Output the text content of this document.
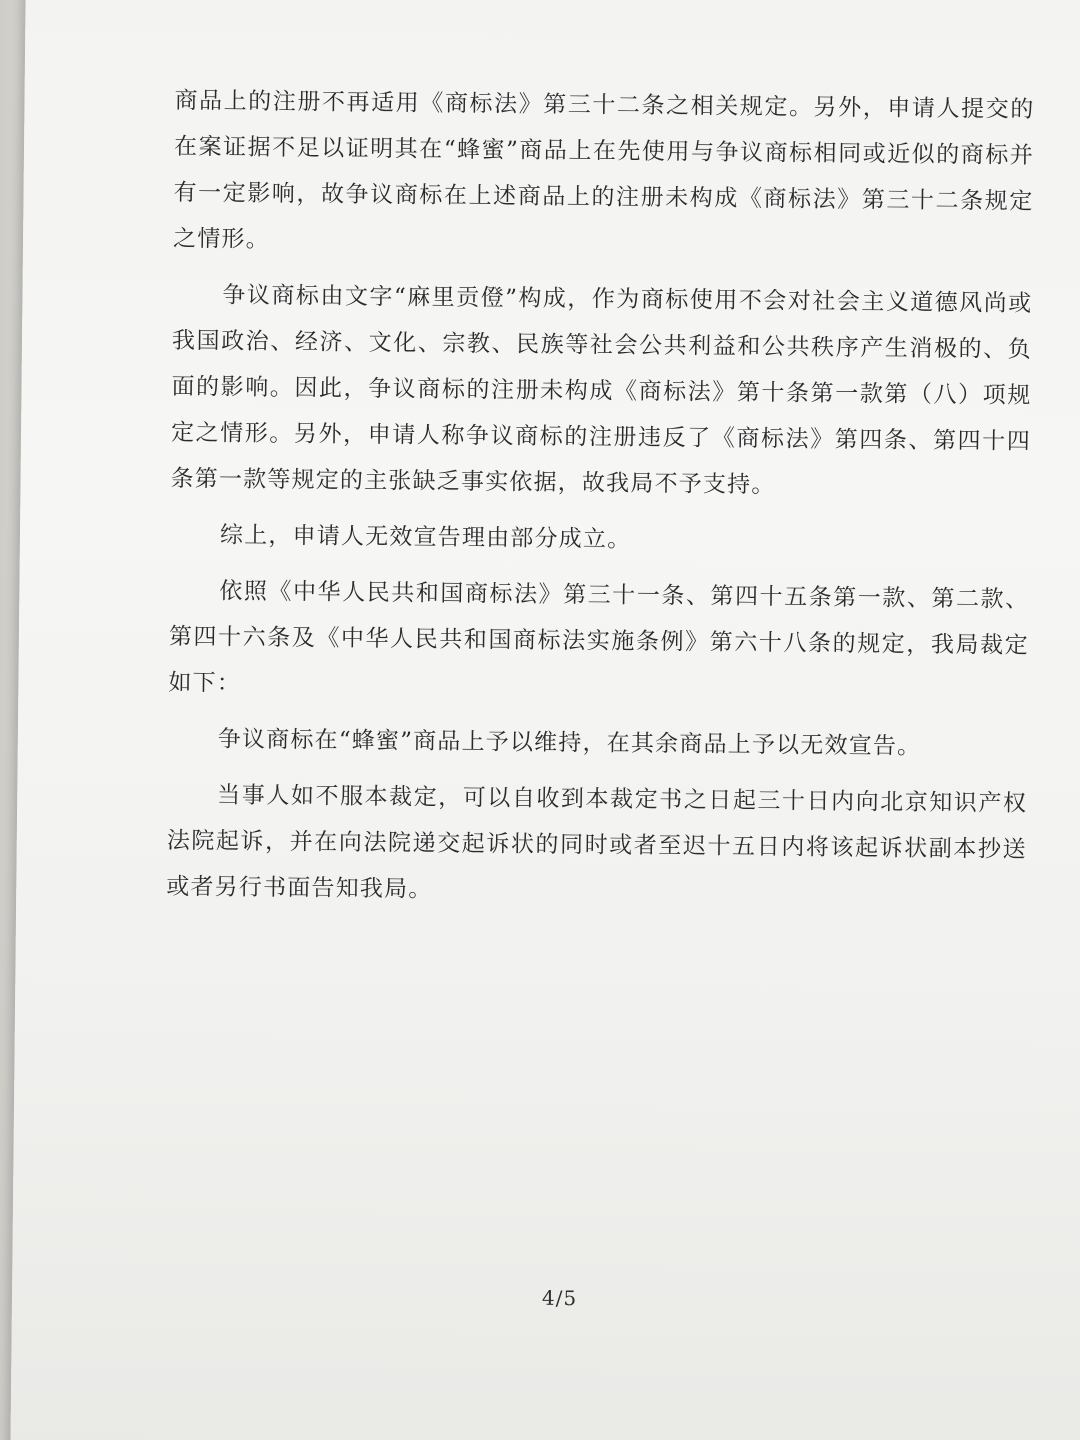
商品上的注册不再适用《商标法》第三十二条之相关规定。另外，申请人提交的在案证据不足以证明其在“蜂蜜”商品上在先使用与争议商标相同或近似的商标并有一定影响，故争议商标在上述商品上的注册未构成《商标法》第三十二条规定之情形。

争议商标由文字“麻里贡僜”构成，作为商标使用不会对社会主义道德风尚或我国政治、经济、文化、宗教、民族等社会公共利益和公共秩序产生消极的、负面的影响。因此，争议商标的注册未构成《商标法》第十条第一款第（八）项规定之情形。另外，申请人称争议商标的注册违反了《商标法》第四条、第四十四条第一款等规定的主张缺乏事实依据，故我局不予支持。

综上，申请人无效宣告理由部分成立。

依照《中华人民共和国商标法》第三十一条、第四十五条第一款、第二款、第四十六条及《中华人民共和国商标法实施条例》第六十八条的规定，我局裁定如下：

争议商标在“蜂蜜”商品上予以维持，在其余商品上予以无效宣告。

当事人如不服本裁定，可以自收到本裁定书之日起三十日内向北京知识产权法院起诉，并在向法院递交起诉状的同时或者至迟十五日内将该起诉状副本抄送或者另行书面告知我局。

4/5
